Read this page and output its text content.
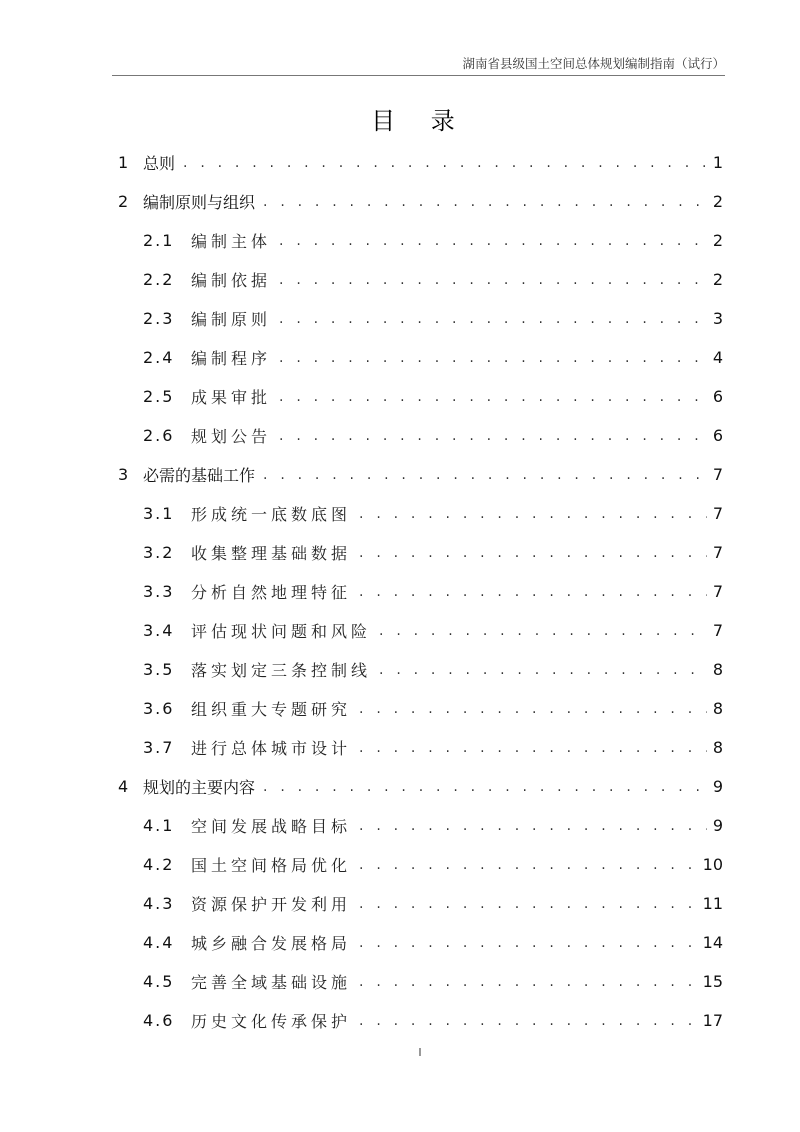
湖南省县级国土空间总体规划编制指南（试行）
目 录
1 总则 . . .	1
2 编制原则与组织 . . .	2
2.1	编制主体 . . .	2
2.2	编制依据 . . .	2
2.3	编制原则 . . .	3
2.4	编制程序 . . .	4
2.5	成果审批 . . .	6
2.6	规划公告 . . .	6
3 必需的基础工作 . . .	7
3.1	形成统一底数底图 . . .	7
3.2	收集整理基础数据 . . .	7
3.3	分析自然地理特征 . . .	7
3.4	评估现状问题和风险 . . .	7
3.5	落实划定三条控制线 . . .	8
3.6	组织重大专题研究 . . .	8
3.7	进行总体城市设计 . . .	8
4 规划的主要内容 . . .	9
4.1	空间发展战略目标 . . .	9
4.2	国土空间格局优化 . . .	10
4.3	资源保护开发利用 . . .	11
4.4	城乡融合发展格局 . . .	14
4.5	完善全域基础设施 . . .	15
4.6	历史文化传承保护 . . .	17
I
